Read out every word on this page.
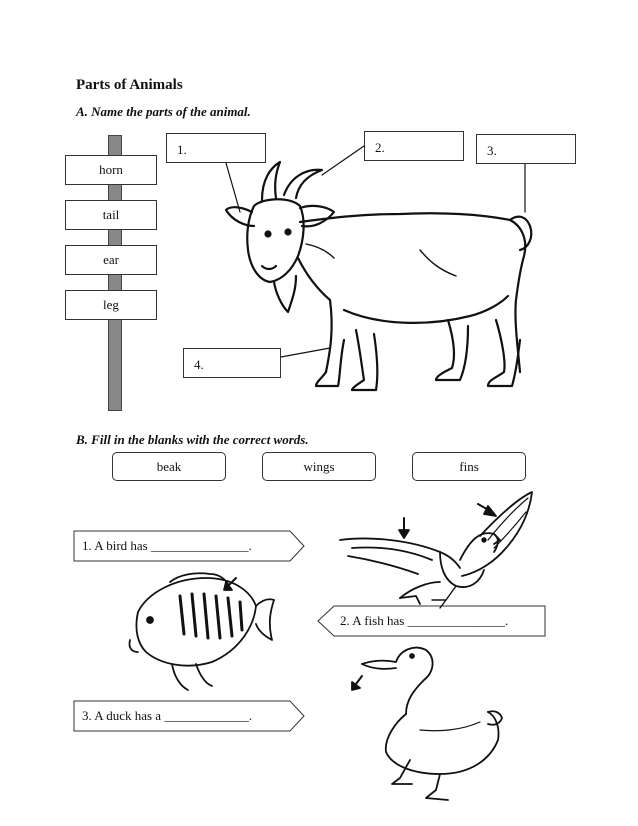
Parts of Animals
A. Name the parts of the animal.
horn
tail
ear
leg
1.	2.	3.
4.
B. Fill in the blanks with the correct words.
beak	wings	fins
1. A bird has _______________.
2. A fish has _______________.
3. A duck has a _____________.
